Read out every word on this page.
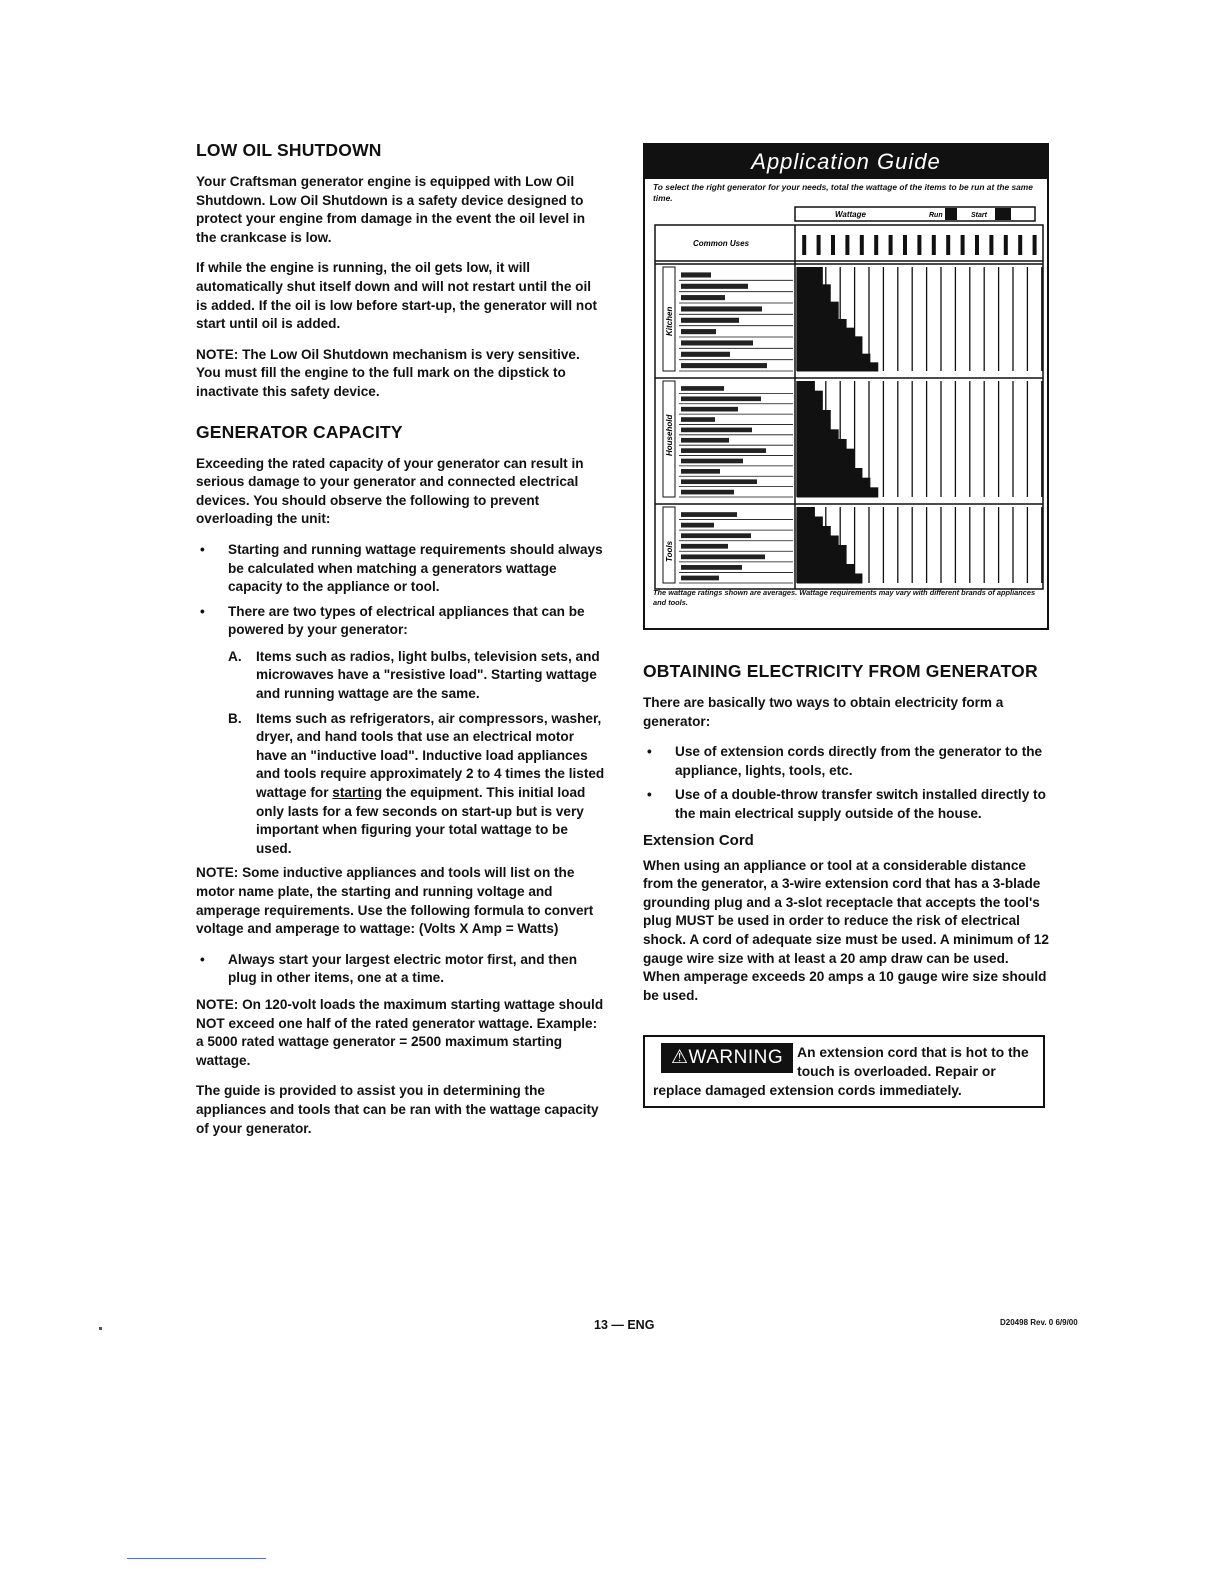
LOW OIL SHUTDOWN

Your Craftsman generator engine is equipped with Low Oil Shutdown. Low Oil Shutdown is a safety device designed to protect your engine from damage in the event the oil level in the crankcase is low.

If while the engine is running, the oil gets low, it will automatically shut itself down and will not restart until the oil is added. If the oil is low before start-up, the generator will not start until oil is added.

NOTE: The Low Oil Shutdown mechanism is very sensitive. You must fill the engine to the full mark on the dipstick to inactivate this safety device.

GENERATOR CAPACITY

Exceeding the rated capacity of your generator can result in serious damage to your generator and connected electrical devices. You should observe the following to prevent overloading the unit:

• Starting and running wattage requirements should always be calculated when matching a generators wattage capacity to the appliance or tool.
• There are two types of electrical appliances that can be powered by your generator:
A. Items such as radios, light bulbs, television sets, and microwaves have a "resistive load". Starting wattage and running wattage are the same.
B. Items such as refrigerators, air compressors, washer, dryer, and hand tools that use an electrical motor have an "inductive load". Inductive load appliances and tools require approximately 2 to 4 times the listed wattage for starting the equipment. This initial load only lasts for a few seconds on start-up but is very important when figuring your total wattage to be used.

NOTE: Some inductive appliances and tools will list on the motor name plate, the starting and running voltage and amperage requirements. Use the following formula to convert voltage and amperage to wattage: (Volts X Amp = Watts)

• Always start your largest electric motor first, and then plug in other items, one at a time.

NOTE: On 120-volt loads the maximum starting wattage should NOT exceed one half of the rated generator wattage. Example: a 5000 rated wattage generator = 2500 maximum starting wattage.

The guide is provided to assist you in determining the appliances and tools that can be ran with the wattage capacity of your generator.

Application Guide
To select the right generator for your needs, total the wattage of the items to be run at the same time.
Wattage	Run	Start
Common Uses
Kitchen
Household
Tools
The wattage ratings shown are averages. Wattage requirements may vary with different brands of appliances and tools.
OBTAINING ELECTRICITY FROM GENERATOR

There are basically two ways to obtain electricity form a generator:

• Use of extension cords directly from the generator to the appliance, lights, tools, etc.
• Use of a double-throw transfer switch installed directly to the main electrical supply outside of the house.
Extension Cord

When using an appliance or tool at a considerable distance from the generator, a 3-wire extension cord that has a 3-blade grounding plug and a 3-slot receptacle that accepts the tool's plug MUST be used in order to reduce the risk of electrical shock. A cord of adequate size must be used. A minimum of 12 gauge wire size with at least a 20 amp draw can be used. When amperage exceeds 20 amps a 10 gauge wire size should be used.

⚠WARNING	An extension cord that is hot to the touch is overloaded. Repair or replace damaged extension cords immediately.

13 — ENG	D20498 Rev. 0 6/9/00
